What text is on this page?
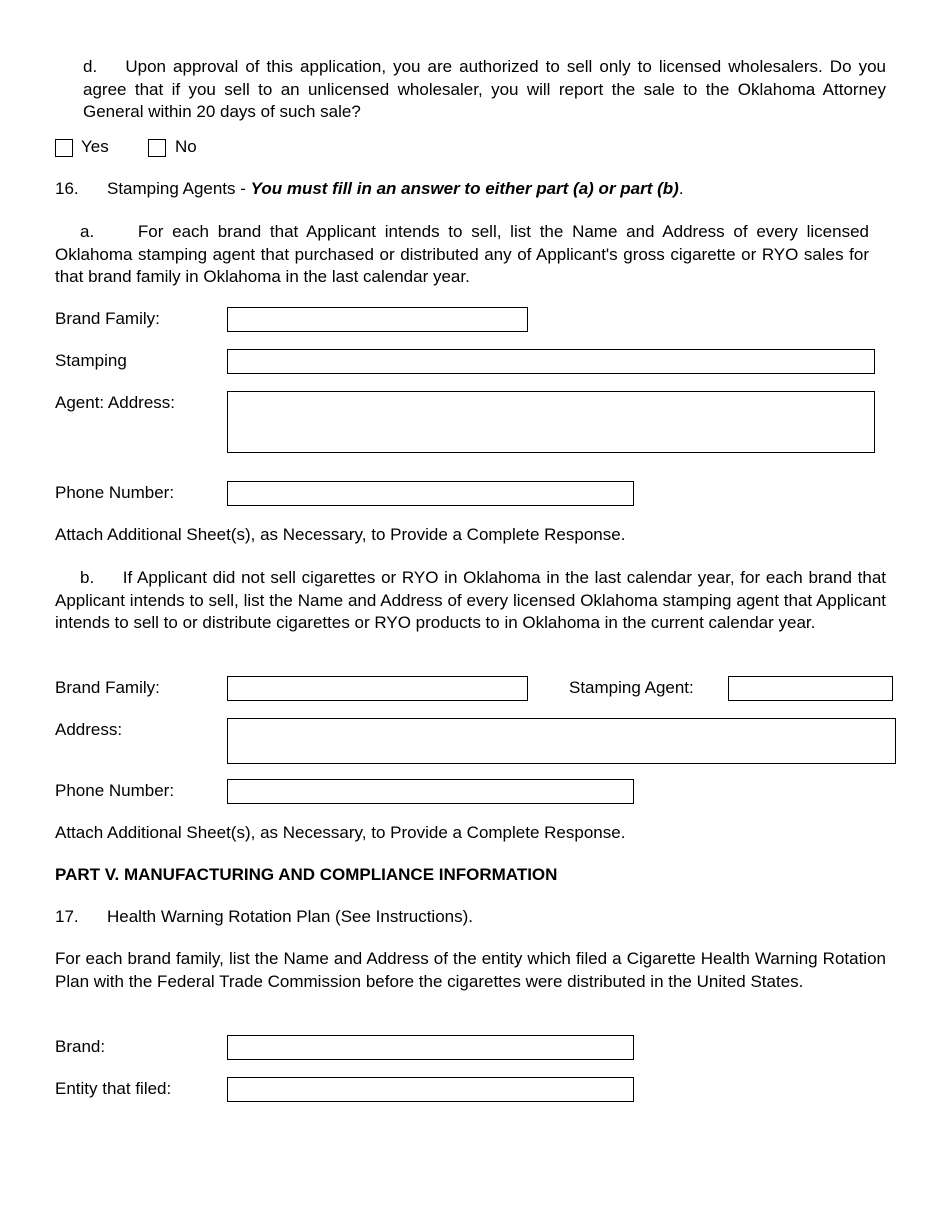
d. Upon approval of this application, you are authorized to sell only to licensed wholesalers. Do you agree that if you sell to an unlicensed wholesaler, you will report the sale to the Oklahoma Attorney General within 20 days of such sale?
Yes	No
16. Stamping Agents - You must fill in an answer to either part (a) or part (b).
a.	For each brand that Applicant intends to sell, list the Name and Address of every licensed Oklahoma stamping agent that purchased or distributed any of Applicant's gross cigarette or RYO sales for that brand family in Oklahoma in the last calendar year.
Brand Family:
Stamping
Agent: Address:
Phone Number:
Attach Additional Sheet(s), as Necessary, to Provide a Complete Response.
b. If Applicant did not sell cigarettes or RYO in Oklahoma in the last calendar year, for each brand that Applicant intends to sell, list the Name and Address of every licensed Oklahoma stamping agent that Applicant intends to sell to or distribute cigarettes or RYO products to in Oklahoma in the current calendar year.
Brand Family:	Stamping Agent:
Address:
Phone Number:
Attach Additional Sheet(s), as Necessary, to Provide a Complete Response.
PART V. MANUFACTURING AND COMPLIANCE INFORMATION
17. Health Warning Rotation Plan (See Instructions).
For each brand family, list the Name and Address of the entity which filed a Cigarette Health Warning Rotation Plan with the Federal Trade Commission before the cigarettes were distributed in the United States.
Brand:
Entity that filed:
